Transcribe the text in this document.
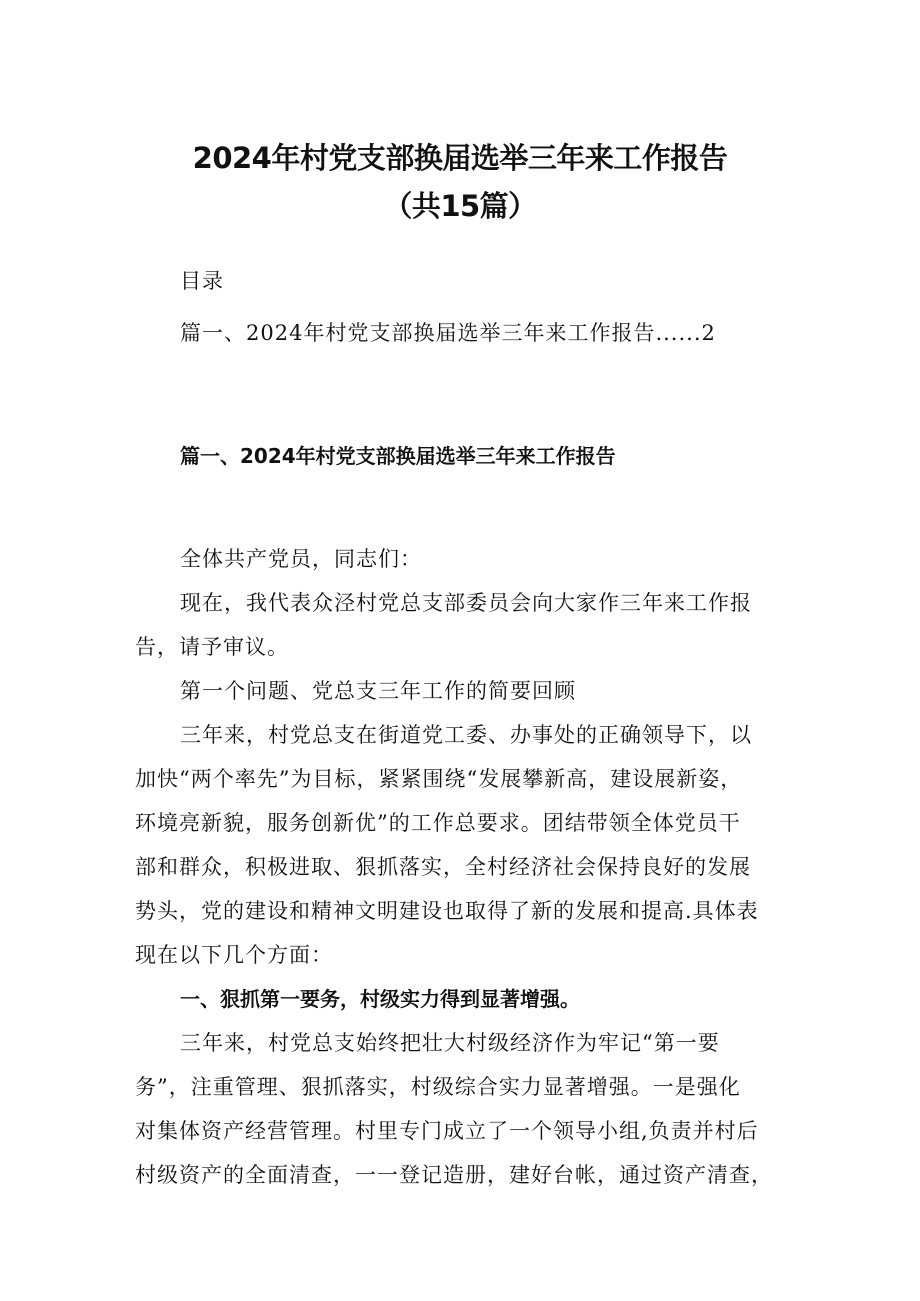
2024年村党支部换届选举三年来工作报告
（共15篇）

目录

篇一、2024年村党支部换届选举三年来工作报告......2

篇一、2024年村党支部换届选举三年来工作报告

全体共产党员，同志们：

现在，我代表众泾村党总支部委员会向大家作三年来工作报

告，请予审议。

第一个问题、党总支三年工作的简要回顾

三年来，村党总支在街道党工委、办事处的正确领导下，以

加快“两个率先”为目标，紧紧围绕“发展攀新高，建设展新姿，

环境亮新貌，服务创新优”的工作总要求。团结带领全体党员干

部和群众，积极进取、狠抓落实，全村经济社会保持良好的发展

势头，党的建设和精神文明建设也取得了新的发展和提高.具体表

现在以下几个方面：

一、狠抓第一要务，村级实力得到显著增强。

三年来，村党总支始终把壮大村级经济作为牢记“第一要

务”，注重管理、狠抓落实，村级综合实力显著增强。一是强化

对集体资产经营管理。村里专门成立了一个领导小组,负责并村后

村级资产的全面清查，一一登记造册，建好台帐，通过资产清查，
